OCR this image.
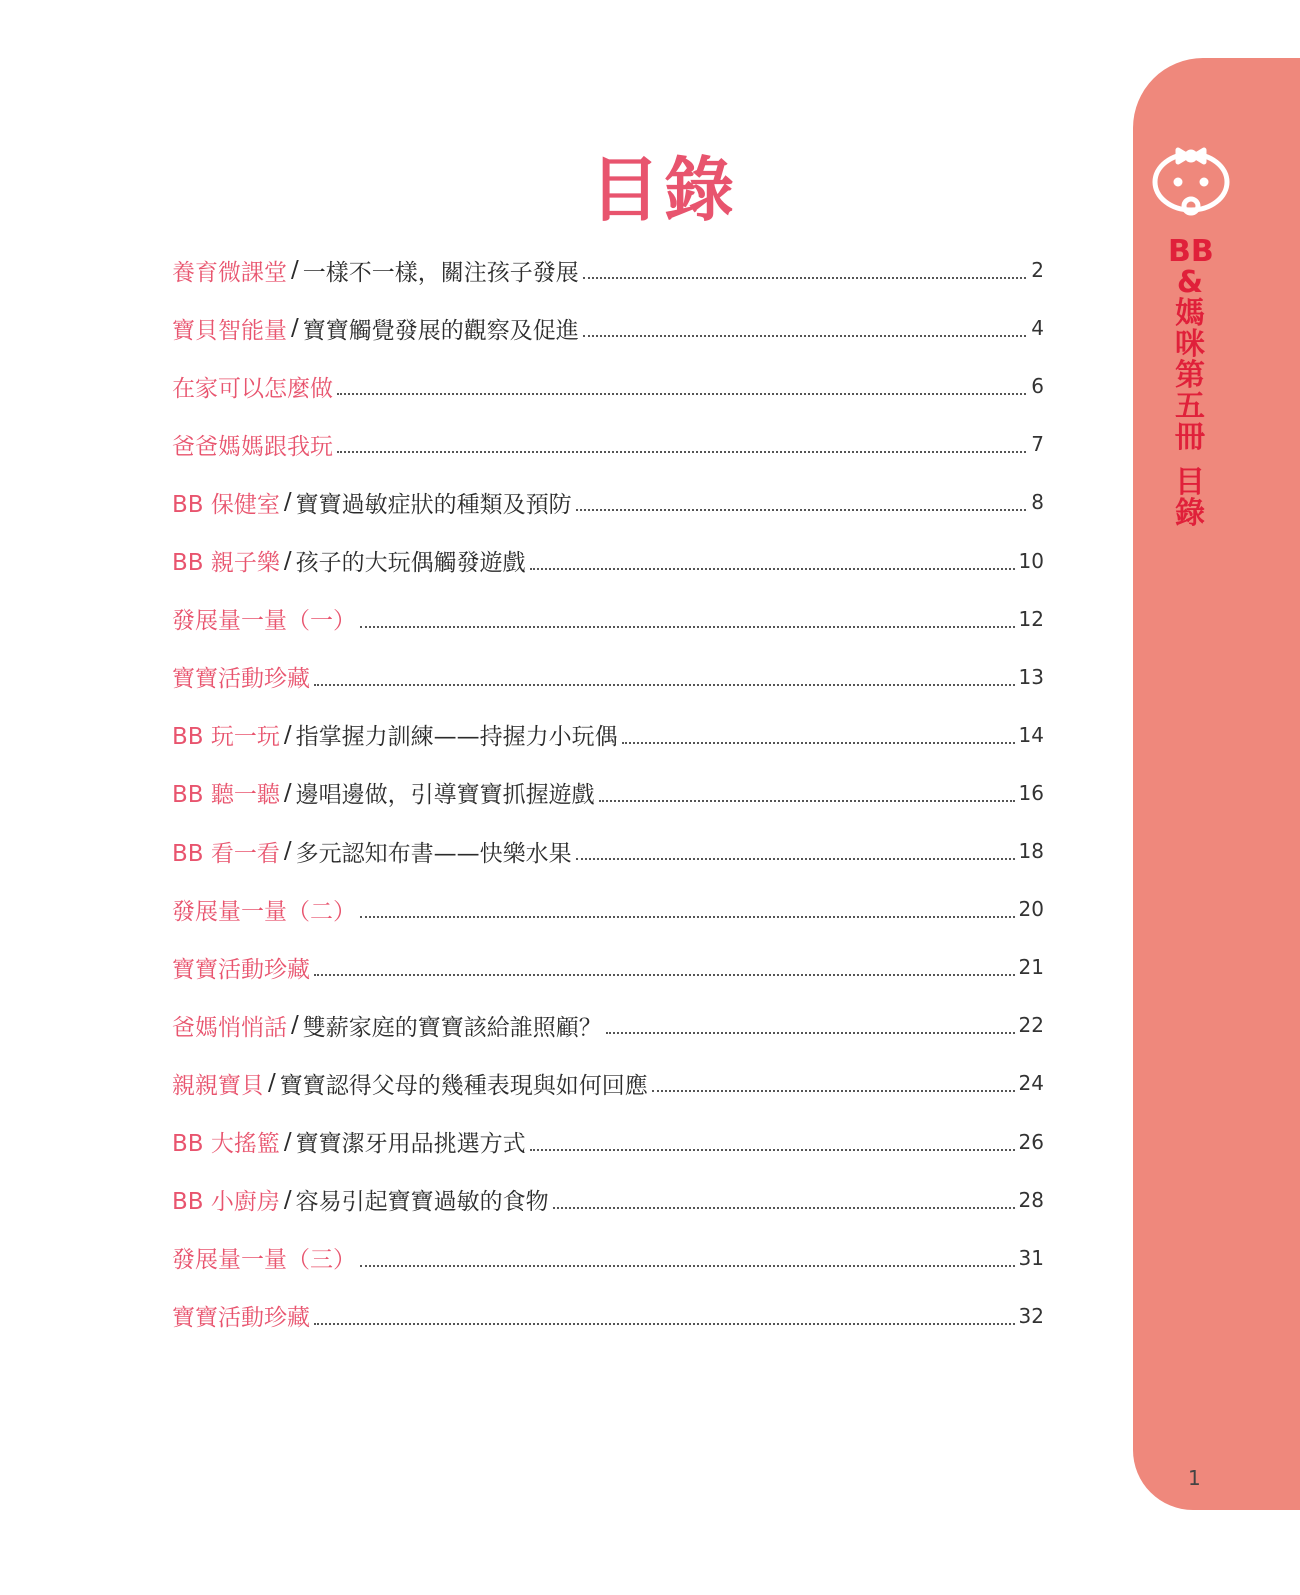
目錄
養育微課堂 / 一樣不一樣，關注孩子發展	2
寶貝智能量 / 寶寶觸覺發展的觀察及促進	4
在家可以怎麼做	6
爸爸媽媽跟我玩	7
BB 保健室 / 寶寶過敏症狀的種類及預防	8
BB 親子樂 / 孩子的大玩偶觸發遊戲	10
發展量一量（一）	12
寶寶活動珍藏	13
BB 玩一玩 / 指掌握力訓練——持握力小玩偶	14
BB 聽一聽 / 邊唱邊做，引導寶寶抓握遊戲	16
BB 看一看 / 多元認知布書——快樂水果	18
發展量一量（二）	20
寶寶活動珍藏	21
爸媽悄悄話 / 雙薪家庭的寶寶該給誰照顧？	22
親親寶貝 / 寶寶認得父母的幾種表現與如何回應	24
BB 大搖籃 / 寶寶潔牙用品挑選方式	26
BB 小廚房 / 容易引起寶寶過敏的食物	28
發展量一量（三）	31
寶寶活動珍藏	32
BB
&
媽
咪
第
五
冊
目
錄
1
